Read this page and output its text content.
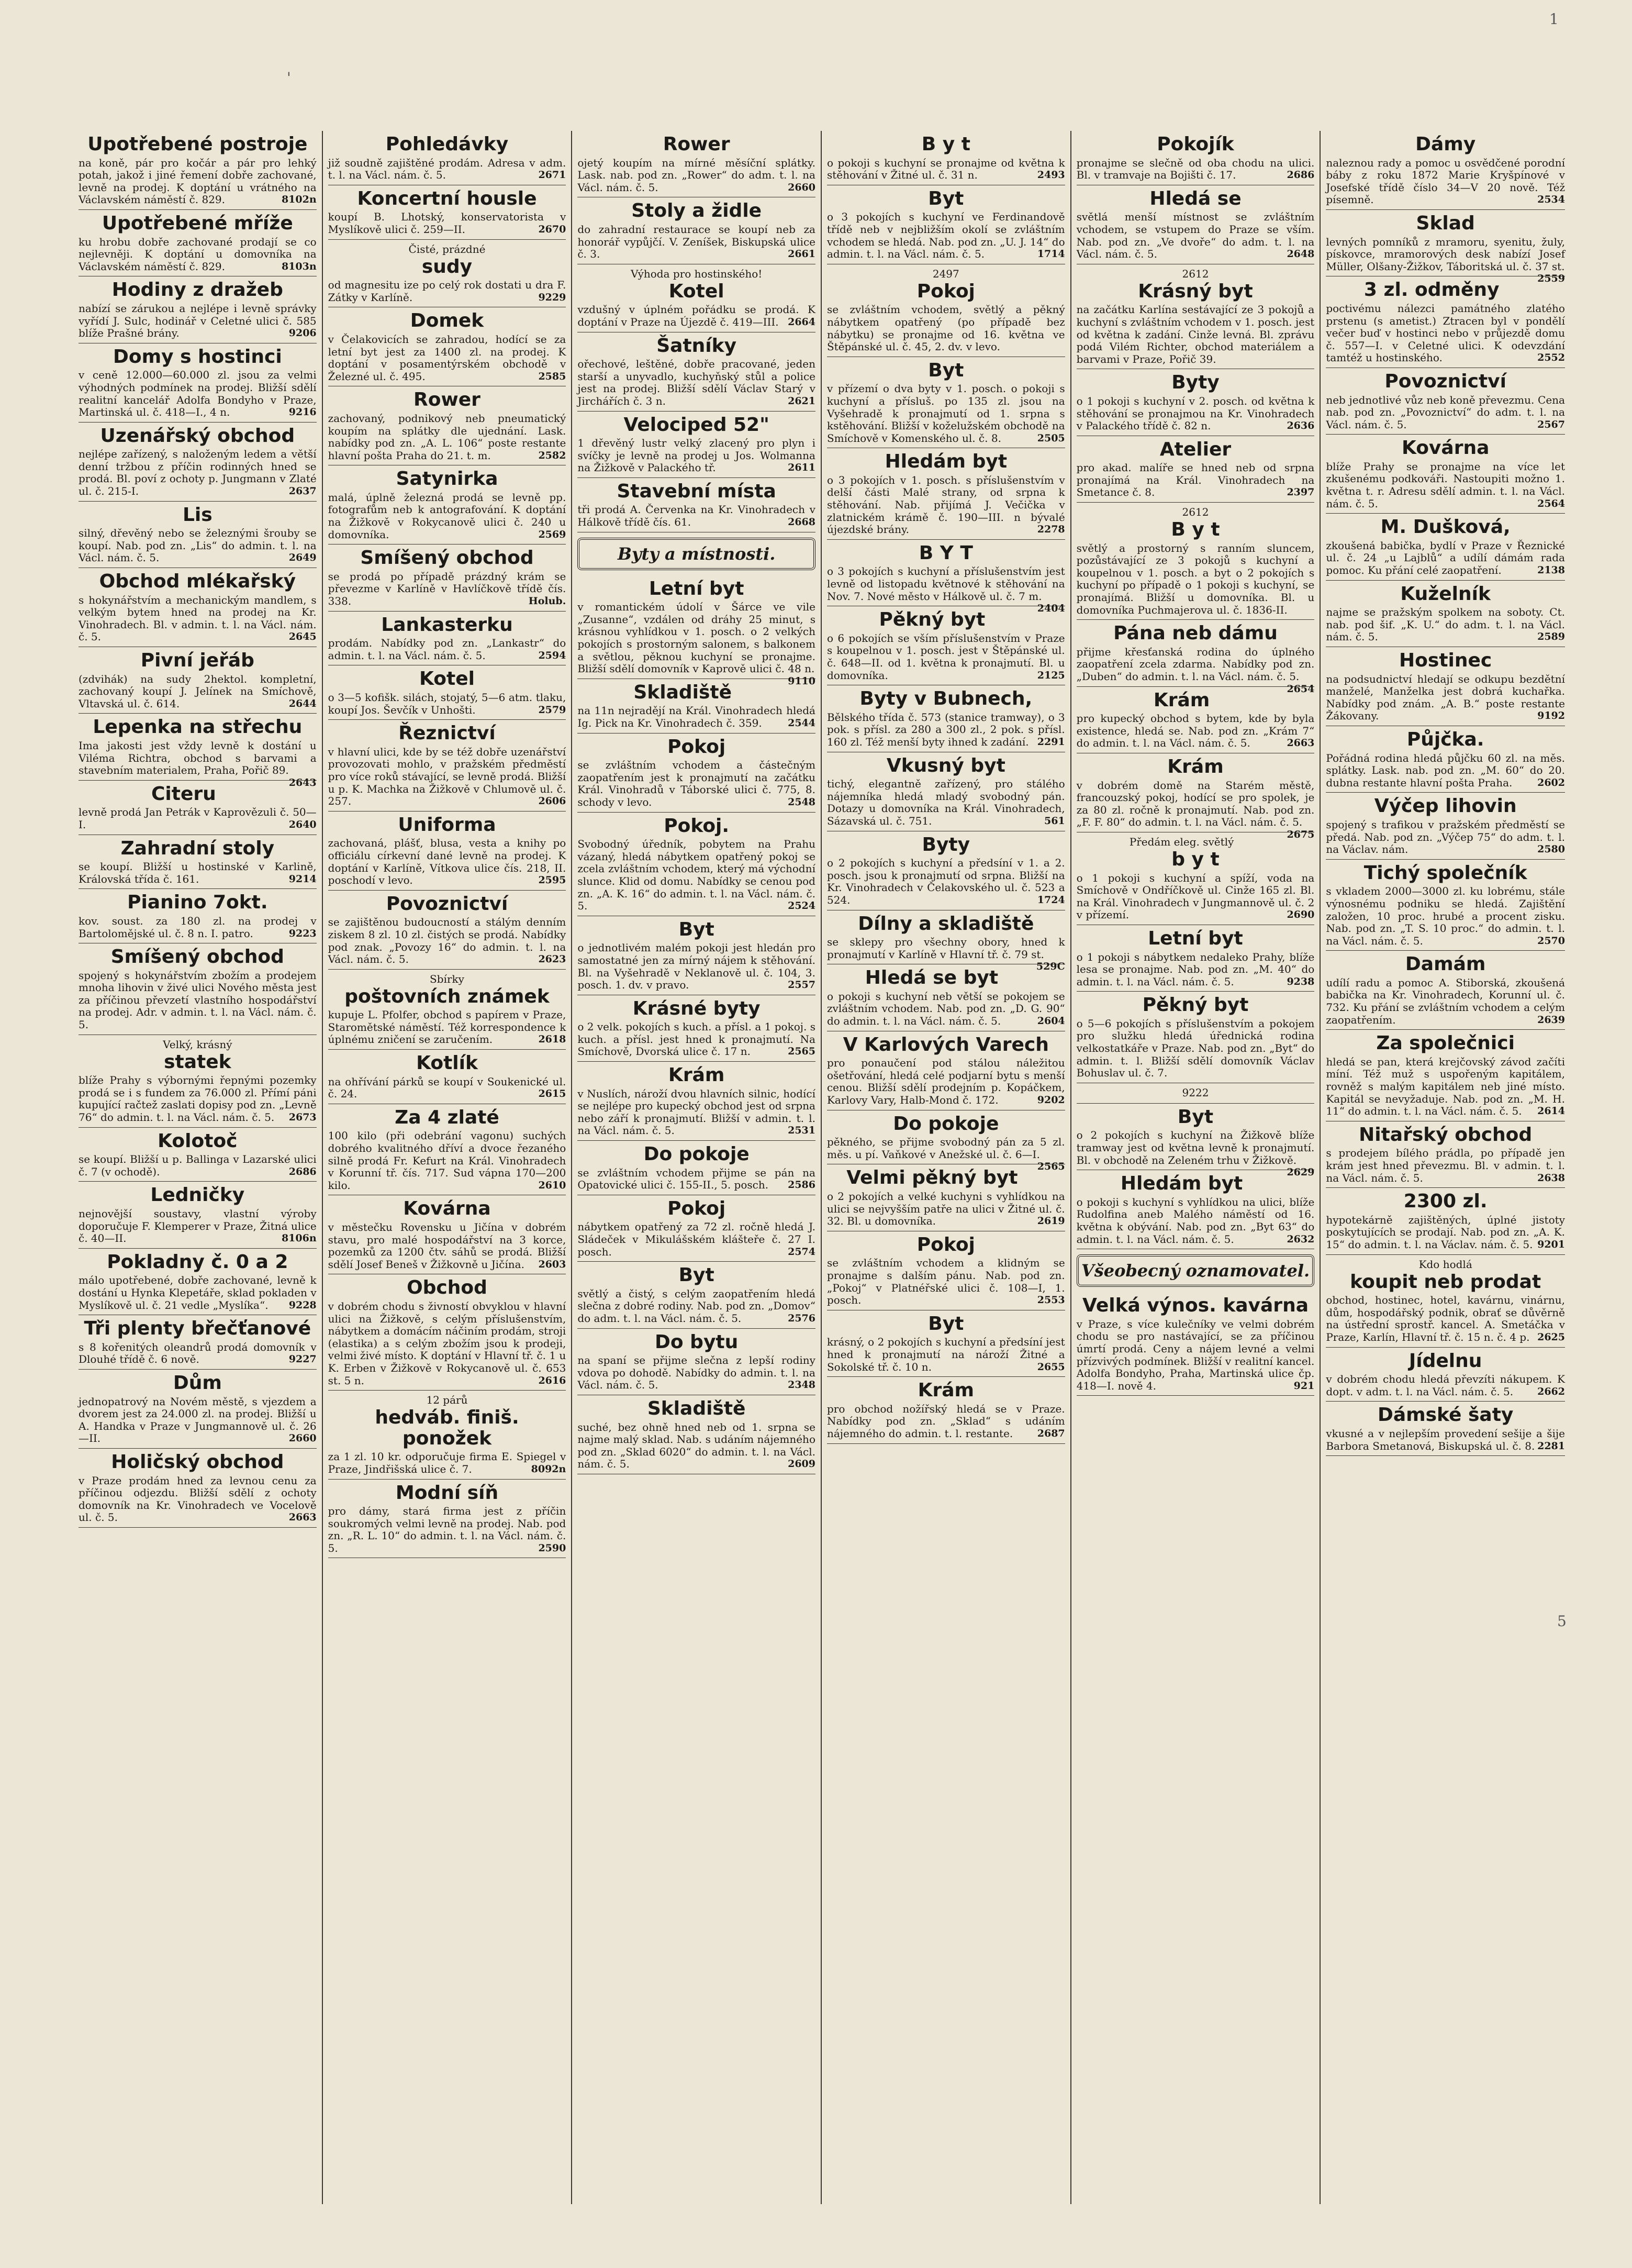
Upotřebené postroje

na koně, pár pro kočár a pár pro lehký potah, jakož i jiné řemení dobře zachované, levně na prodej. K doptání u vrátného na Václavském náměstí č. 829.	8102n

Upotřebené mříže

ku hrobu dobře zachované prodají se co nejlevněji. K doptání u domovníka na Václavském náměstí č. 829.	8103n

Hodiny z dražeb

nabízí se zárukou a nejlépe i levně správky vyřídí J. Sulc, hodinář v Celetné ulici č. 585 blíže Prašné brány.	9206

Domy s hostinci

v ceně 12.000—60.000 zl. jsou za velmi výhodných podmínek na prodej. Bližší sdělí realitní kancelář Adolfa Bondyho v Praze, Martinská ul. č. 418—I., 4 n.	9216

Uzenářský obchod

nejlépe zařízený, s naloženým ledem a větší denní tržbou z příčin rodinných hned se prodá. Bl. poví z ochoty p. Jungmann v Zlaté ul. č. 215-I.	2637

Lis

silný, dřevěný nebo se železnými šrouby se koupí. Nab. pod zn. „Lis“ do admin. t. l. na Václ. nám. č. 5.	2649

Obchod mlékařský

s hokynářstvím a mechanickým mandlem, s velkým bytem hned na prodej na Kr. Vinohradech. Bl. v admin. t. l. na Václ. nám. č. 5.	2645

Pivní jeřáb

(zdvihák) na sudy 2hektol. kompletní, zachovaný koupí J. Jelínek na Smíchově, Vltavská ul. č. 614.	2644

Lepenka na střechu

Ima jakosti jest vždy levně k dostání u Viléma Richtra, obchod s barvami a stavebním materialem, Praha, Pořič 89.
2643

Citeru

levně prodá Jan Petrák v Kaprovězuli č. 50—I.	2640

Zahradní stoly

se koupí. Bližší u hostinské v Karlině, Královská třída č. 161.	9214

Pianino 7okt.

kov. soust. za 180 zl. na prodej v Bartolomějské ul. č. 8 n. I. patro.	9223

Smíšený obchod

spojený s hokynářstvím zbožím a prodejem mnoha lihovin v živé ulici Nového města jest za příčinou převzetí vlastního hospodářství na prodej. Adr. v admin. t. l. na Václ. nám. č. 5.

Velký, krásný
statek

blíže Prahy s výbornými řepnými pozemky prodá se i s fundem za 76.000 zl. Přímí páni kupující račtež zaslati dopisy pod zn. „Levně 76“ do admin. t. l. na Václ. nám. č. 5. 2673

Kolotoč

se koupí. Bližší u p. Ballinga v Lazarské ulici č. 7 (v ochodě).	2686

Ledničky

nejnovější soustavy, vlastní výroby doporučuje F. Klemperer v Praze, Žitná ulice č. 40—II.	8106n

Pokladny č. 0 a 2

málo upotřebené, dobře zachované, levně k dostání u Hynka Klepetáře, sklad pokladen v Myslíkově ul. č. 21 vedle „Myslíka“. 9228

Tři plenty břečťanové

s 8 kořenitých oleandrů prodá domovník v Dlouhé třídě č. 6 nově.	9227

Dům

jednopatrový na Novém městě, s vjezdem a dvorem jest za 24.000 zl. na prodej. Bližší u A. Handka v Praze v Jungmannově ul. č. 26—II.	2660

Holičský obchod

v Praze prodám hned za levnou cenu za příčinou odjezdu. Bližší sdělí z ochoty domovník na Kr. Vinohradech ve Vocelově ul. č. 5.	2663

Pohledávky

již soudně zajištěné prodám. Adresa v adm. t. l. na Václ. nám. č. 5.	2671

Koncertní housle

koupí B. Lhotský, konservatorista v Myslíkově ulici č. 259—II.	2670

Čisté, prázdné
sudy

od magnesitu ize po celý rok dostati u dra F. Zátky v Karlíně.	9229

Domek

v Čelakovicích se zahradou, hodící se za letní byt jest za 1400 zl. na prodej. K doptání v posamentýrském obchodě v Železné ul. č. 495.	2585

Rower

zachovaný, podnikový neb pneumatický koupím na splátky dle ujednání. Lask. nabídky pod zn. „A. L. 106“ poste restante hlavní pošta Praha do 21. t. m.	2582

Satynirka

malá, úplně železná prodá se levně pp. fotografům neb k antografování. K doptání na Žižkově v Rokycanově ulici č. 240 u domovníka.	2569

Smíšený obchod

se prodá po případě prázdný krám se převezme v Karlíně v Havlíčkově třídě čís. 338.	Holub.

Lankasterku

prodám. Nabídky pod zn. „Lankastr“ do admin. t. l. na Václ. nám. č. 5.	2594

Kotel

o 3—5 kofišk. silách, stojatý, 5—6 atm. tlaku, koupí Jos. Ševčík v Unhošti.	2579

Řeznictví

v hlavní ulici, kde by se též dobře uzenářství provozovati mohlo, v pražském předměstí pro více roků stávající, se levně prodá. Bližší u p. K. Machka na Žižkově v Chlumově ul. č. 257.	2606

Uniforma

zachovaná, plášť, blusa, vesta a knihy po officiálu církevní dané levně na prodej. K doptání v Karlíně, Vítkova ulice čís. 218, II. poschodí v levo.	2595

Povoznictví

se zajištěnou budoucností a stálým denním ziskem 8 zl. 10 zl. čistých se prodá. Nabídky pod znak. „Povozy 16“ do admin. t. l. na Václ. nám. č. 5.	2623

Sbírky
poštovních známek

kupuje L. Pfolfer, obchod s papírem v Praze, Staromětské náměstí. Též korrespondence k úplnému zničení se zaručením.	2618

Kotlík

na ohřívání párků se koupí v Soukenické ul. č. 24.	2615

Za 4 zlaté

100 kilo (při odebrání vagonu) suchých dobrého kvalitného dříví a dvoce řezaného silně prodá Fr. Kefurt na Král. Vinohradech v Korunní tř. čís. 717. Sud vápna 170—200 kilo.	2610

Kovárna

v městečku Rovensku u Jičína v dobrém stavu, pro malé hospodářství na 3 korce, pozemků za 1200 čtv. sáhů se prodá. Bližší sdělí Josef Beneš v Žižkovně u Jičína. 2603

Obchod

v dobrém chodu s živností obvyklou v hlavní ulici na Žižkově, s celým příslušenstvím, nábytkem a domácím náčiním prodám, stroji (elastika) a s celým zbožím jsou k prodeji, velmi živé místo. K doptání v Hlavní tř. č. 1 u K. Erben v Žižkově v Rokycanově ul. č. 653 st. 5 n.	2616

12 párů
hedváb. finiš. ponožek

za 1 zl. 10 kr. odporučuje firma E. Spiegel v Praze, Jindřišská ulice č. 7.	8092n

Modní síň

pro dámy, stará firma jest z příčin soukromých velmi levně na prodej. Nab. pod zn. „R. L. 10“ do admin. t. l. na Václ. nám. č. 5.	2590

Rower

ojetý koupím na mírné měsíční splátky. Lask. nab. pod zn. „Rower“ do adm. t. l. na Václ. nám. č. 5.	2660

Stoly a židle

do zahradní restaurace se koupí neb za honorář vypůjčí. V. Zeníšek, Biskupská ulice č. 3.	2661

Výhoda pro hostinského!
Kotel

vzdušný v úplném pořádku se prodá. K doptání v Praze na Újezdě č. 419—III. 2664

Šatníky

ořechové, leštěné, dobře pracované, jeden starší a unyvadlo, kuchyňský stůl a police jest na prodej. Bližší sdělí Václav Starý v Jirchářích č. 3 n.	2621

Velociped 52"

1 dřevěný lustr velký zlacený pro plyn i svíčky je levně na prodej u Jos. Wolmanna na Žižkově v Palackého tř.	2611

Stavební místa

tři prodá A. Červenka na Kr. Vinohradech v Hálkově třídě čís. 61.	2668

Byty a místnosti.
Letní byt

v romantickém údolí v Šárce ve vile „Zusanne“, vzdálen od dráhy 25 minut, s krásnou vyhlídkou v 1. posch. o 2 velkých pokojích s prostorným salonem, s balkonem a světlou, pěknou kuchyní se pronajme. Bližší sdělí domovník v Kaprově ulici č. 48 n.
9110

Skladiště

na 11n nejradějí na Král. Vinohradech hledá Ig. Pick na Kr. Vinohradech č. 359.	2544

Pokoj

se zvláštním vchodem a částečným zaopatřením jest k pronajmutí na začátku Král. Vinohradů v Táborské ulici č. 775, 8. schody v levo.	2548

Pokoj.

Svobodný úředník, pobytem na Prahu vázaný, hledá nábytkem opatřený pokoj se zcela zvláštním vchodem, který má východní slunce. Klid od domu. Nabídky se cenou pod zn. „A. K. 16“ do admin. t. l. na Václ. nám. č. 5.	2524

Byt

o jednotlivém malém pokoji jest hledán pro samostatné jen za mírný nájem k stěhování. Bl. na Vyšehradě v Neklanově ul. č. 104, 3. posch. 1. dv. v pravo.	2557

Krásné byty

o 2 velk. pokojích s kuch. a přísl. a 1 pokoj. s kuch. a přísl. jest hned k pronajmutí. Na Smíchově, Dvorská ulice č. 17 n.	2565

Krám

v Nuslích, nároží dvou hlavních silnic, hodící se nejlépe pro kupecký obchod jest od srpna nebo září k pronajmutí. Bližší v admin. t. l. na Václ. nám. č. 5.	2531

Do pokoje

se zvláštním vchodem přijme se pán na Opatovické ulici č. 155-II., 5. posch. 2586

Pokoj

nábytkem opatřený za 72 zl. ročně hledá J. Sládeček v Mikulášském klášteře č. 27 I. posch.	2574

Byt

světlý a čistý, s celým zaopatřením hledá slečna z dobré rodiny. Nab. pod zn. „Domov“ do adm. t. l. na Václ. nám. č. 5.	2576

Do bytu

na spaní se přijme slečna z lepší rodiny vdova po dohodě. Nabídky do admin. t. l. na Václ. nám. č. 5.	2348

Skladiště

suché, bez ohně hned neb od 1. srpna se najme malý sklad. Nab. s udáním nájemného pod zn. „Sklad 6020“ do admin. t. l. na Václ. nám. č. 5.	2609

B y t

o pokoji s kuchyní se pronajme od května k stěhování v Žitné ul. č. 31 n.	2493

Byt

o 3 pokojích s kuchyní ve Ferdinandově třídě neb v nejbližším okolí se zvláštním vchodem se hledá. Nab. pod zn. „U. J. 14“ do admin. t. l. na Václ. nám. č. 5.	1714

2497
Pokoj

se zvláštním vchodem, světlý a pěkný nábytkem opatřený (po případě bez nábytku) se pronajme od 16. května ve Štěpánské ul. č. 45, 2. dv. v levo.

Byt

v přízemí o dva byty v 1. posch. o pokoji s kuchyní a přísluš. po 135 zl. jsou na Vyšehradě k pronajmutí od 1. srpna s kstěhování. Bližší v koželužském obchodě na Smíchově v Komenského ul. č. 8.	2505

Hledám byt

o 3 pokojích v 1. posch. s příslušenstvím v delší části Malé strany, od srpna k stěhování. Nab. přijímá J. Večička v zlatnickém krámě č. 190—III. n bývalé újezdské brány.	2278

B Y T

o 3 pokojích s kuchyní a příslušenstvím jest levně od listopadu květnové k stěhování na Nov. 7. Nové město v Hálkově ul. č. 7 m.
2404

Pěkný byt

o 6 pokojích se vším příslušenstvím v Praze s koupelnou v 1. posch. jest v Štěpánské ul. č. 648—II. od 1. května k pronajmutí. Bl. u domovníka.	2125

Byty v Bubnech,

Bělského třída č. 573 (stanice tramway), o 3 pok. s přísl. za 280 a 300 zl., 2 pok. s přísl. 160 zl. Též menší byty ihned k zadání. 2291

Vkusný byt

tichý, elegantně zařízený, pro stálého nájemníka hledá mladý svobodný pán. Dotazy u domovníka na Král. Vinohradech, Sázavská ul. č. 751.	561

Byty

o 2 pokojích s kuchyní a předsíní v 1. a 2. posch. jsou k pronajmutí od srpna. Bližší na Kr. Vinohradech v Čelakovského ul. č. 523 a 524.	1724

Dílny a skladiště

se sklepy pro všechny obory, hned k pronajmutí v Karlíně v Hlavní tř. č. 79 st.
529C

Hledá se byt

o pokoji s kuchyní neb větší se pokojem se zvláštním vchodem. Nab. pod zn. „D. G. 90“ do admin. t. l. na Václ. nám. č. 5.	2604

V Karlových Varech

pro ponaučení pod stálou náležitou ošetřování, hledá celé podjarní bytu s menší cenou. Bližší sdělí prodejním p. Kopáčkem, Karlovy Vary, Halb-Mond č. 172.	9202

Do pokoje

pěkného, se přijme svobodný pán za 5 zl. měs. u pí. Vaňkové v Anežské ul. č. 6—I.
2565

Velmi pěkný byt

o 2 pokojích a velké kuchyni s vyhlídkou na ulici se nejvyšším patře na ulici v Žitné ul. č. 32. Bl. u domovníka.	2619

Pokoj

se zvláštním vchodem a klidným se pronajme s dalším pánu. Nab. pod zn. „Pokoj“ v Platnéřské ulici č. 108—I, 1. posch.	2553

Byt

krásný, o 2 pokojích s kuchyní a předsíní jest hned k pronajmutí na nároží Žitné a Sokolské tř. č. 10 n.	2655

Krám

pro obchod nožířský hledá se v Praze. Nabídky pod zn. „Sklad“ s udáním nájemného do admin. t. l. restante. 2687

Pokojík

pronajme se slečně od oba chodu na ulici. Bl. v tramvaje na Bojišti č. 17.	2686

Hledá se

světlá menší místnost se zvláštním vchodem, se vstupem do Praze se vším. Nab. pod zn. „Ve dvoře“ do adm. t. l. na Václ. nám. č. 5.	2648

2612
Krásný byt

na začátku Karlína sestávající ze 3 pokojů a kuchyní s zvláštním vchodem v 1. posch. jest od května k zadání. Cinže levná. Bl. zprávu podá Vilém Richter, obchod materiálem a barvami v Praze, Pořič 39.

Byty

o 1 pokoji s kuchyní v 2. posch. od května k stěhování se pronajmou na Kr. Vinohradech v Palackého třídě č. 82 n.	2636

Atelier

pro akad. malíře se hned neb od srpna pronajímá na Král. Vinohradech na Smetance č. 8.	2397

2612
B y t

světlý a prostorný s ranním sluncem, pozůstávající ze 3 pokojů s kuchyní a koupelnou v 1. posch. a byt o 2 pokojích s kuchyní po případě o 1 pokoji s kuchyní, se pronajímá. Bližší u domovníka. Bl. u domovníka Puchmajerova ul. č. 1836-II.

Pána neb dámu

přijme křesťanská rodina do úplného zaopatření zcela zdarma. Nabídky pod zn. „Duben“ do admin. t. l. na Václ. nám. č. 5.
2654

Krám

pro kupecký obchod s bytem, kde by byla existence, hledá se. Nab. pod zn. „Krám 7“ do admin. t. l. na Václ. nám. č. 5.	2663

Krám

v dobrém domě na Starém městě, francouzský pokoj, hodící se pro spolek, je za 80 zl. ročně k pronajmutí. Nab. pod zn. „F. F. 80“ do admin. t. l. na Václ. nám. č. 5.
2675

Předám eleg. světlý
b y t

o 1 pokoji s kuchyní a spíží, voda na Smíchově v Ondříčkově ul. Cinže 165 zl. Bl. na Král. Vinohradech v Jungmannově ul. č. 2 v přízemí.	2690

Letní byt

o 1 pokoji s nábytkem nedaleko Prahy, blíže lesa se pronajme. Nab. pod zn. „M. 40“ do admin. t. l. na Václ. nám. č. 5.	9238

Pěkný byt

o 5—6 pokojích s příslušenstvím a pokojem pro služku hledá úřednická rodina velkostatkáře v Praze. Nab. pod zn. „Byt“ do admin. t. l. Bližší sdělí domovník Václav Bohuslav ul. č. 7.

9222

Byt

o 2 pokojích s kuchyní na Žižkově blíže tramway jest od května levně k pronajmutí. Bl. v obchodě na Zeleném trhu v Žižkově.
2629

Hledám byt

o pokoji s kuchyní s vyhlídkou na ulici, blíže Rudolfina aneb Malého náměstí od 16. května k obývání. Nab. pod zn. „Byt 63“ do admin. t. l. na Václ. nám. č. 5.	2632

Všeobecný oznamovatel.
Velká výnos. kavárna

v Praze, s více kulečníky ve velmi dobrém chodu se pro nastávající, se za příčinou úmrtí prodá. Ceny a nájem levné a velmi přízvivých podmínek. Bližší v realitní kancel. Adolfa Bondyho, Praha, Martinská ulice čp. 418—I. nově 4.	921

Dámy

naleznou rady a pomoc u osvědčené porodní báby z roku 1872 Marie Kryšpínové v Josefské třídě číslo 34—V 20 nově. Též písemně.	2534

Sklad

levných pomníků z mramoru, syenitu, žuly, pískovce, mramorových desk nabízí Josef Müller, Olšany-Žižkov, Táboritská ul. č. 37 st.
2559

3 zl. odměny

poctivému nálezci památného zlatého prstenu (s ametist.) Ztracen byl v pondělí večer buď v hostinci nebo v průjezdě domu č. 557—I. v Celetné ulici. K odevzdání tamtéž u hostinského.	2552

Povoznictví

neb jednotlivé vůz neb koně převezmu. Cena nab. pod zn. „Povoznictví“ do adm. t. l. na Václ. nám. č. 5.	2567

Kovárna

blíže Prahy se pronajme na více let zkušenému podkováři. Nastoupiti možno 1. května t. r. Adresu sdělí admin. t. l. na Václ. nám. č. 5.	2564

M. Dušková,

zkoušená babička, bydlí v Praze v Řeznické ul. č. 24 „u Lajblů“ a udílí dámám rada pomoc. Ku přání celé zaopatření.	2138

Kuželník

najme se pražským spolkem na soboty. Ct. nab. pod šif. „K. U.“ do adm. t. l. na Václ. nám. č. 5.	2589

Hostinec

na podsudnictví hledají se odkupu bezdětní manželé, Manželka jest dobrá kuchařka. Nabídky pod znám. „A. B.“ poste restante Žákovany.	9192

Půjčka.

Pořádná rodina hledá půjčku 60 zl. na měs. splátky. Lask. nab. pod zn. „M. 60“ do 20. dubna restante hlavní pošta Praha.	2602

Výčep lihovin

spojený s trafikou v pražském předměstí se předá. Nab. pod zn. „Výčep 75“ do adm. t. l. na Václav. nám.	2580

Tichý společník

s vkladem 2000—3000 zl. ku lobrému, stále výnosnému podniku se hledá. Zajištění založen, 10 proc. hrubé a procent zisku. Nab. pod zn. „T. S. 10 proc.“ do admin. t. l. na Václ. nám. č. 5.	2570

Damám

udílí radu a pomoc A. Stiborská, zkoušená babička na Kr. Vinohradech, Korunní ul. č. 732. Ku přání se zvláštním vchodem a celým zaopatřením.	2639

Za společnici

hledá se pan, která krejčovský závod začíti míní. Též muž s uspořeným kapitálem, rovněž s malým kapitálem neb jiné místo. Kapitál se nevyžaduje. Nab. pod zn. „M. H. 11“ do admin. t. l. na Václ. nám. č. 5. 2614

Nitařský obchod

s prodejem bílého prádla, po případě jen krám jest hned převezmu. Bl. v admin. t. l. na Václ. nám. č. 5.	2638

2300 zl.

hypotekárně zajištěných, úplné jistoty poskytujících se prodají. Nab. pod zn. „A. K. 15“ do admin. t. l. na Václav. nám. č. 5. 9201

Kdo hodlá
koupit neb prodat

obchod, hostinec, hotel, kavárnu, vinárnu, dům, hospodářský podnik, obrať se důvěrně na ústřední sprostř. kancel. A. Smetáčka v Praze, Karlín, Hlavní tř. č. 15 n. č. 4 p. 2625

Jídelnu

v dobrém chodu hledá převzíti nákupem. K dopt. v adm. t. l. na Václ. nám. č. 5. 2662

Dámské šaty

vkusné a v nejlepším provedení sešije a šije Barbora Smetanová, Biskupská ul. č. 8. 2281

'
1
5
